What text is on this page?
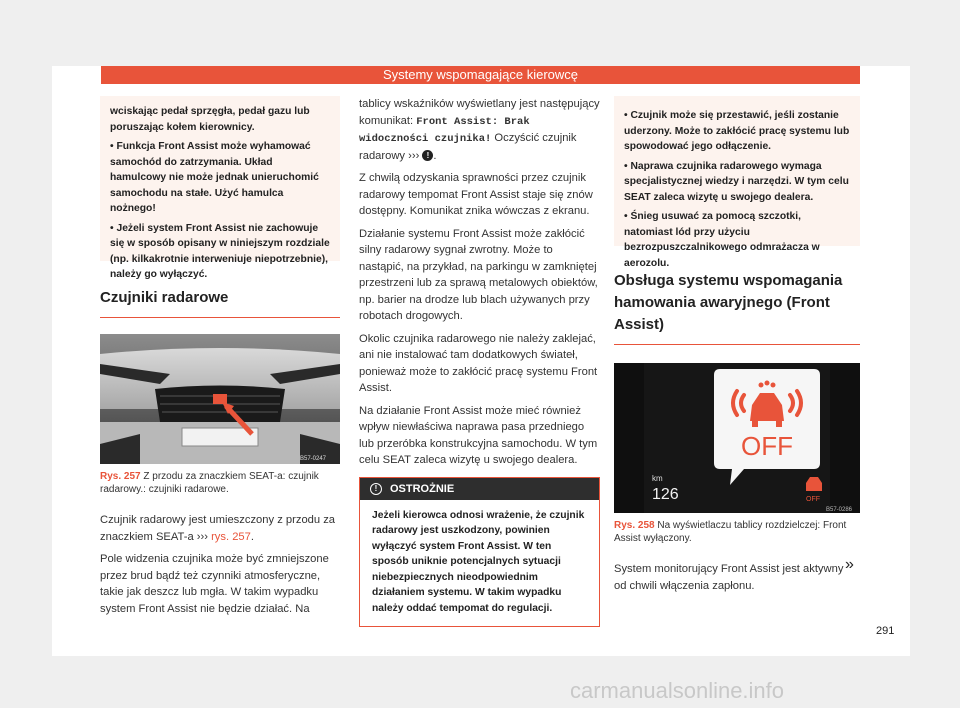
Systemy wspomagające kierowcę

wciskając pedał sprzęgła, pedał gazu lub poruszając kołem kierownicy.

• Funkcja Front Assist może wyhamować samochód do zatrzymania. Układ hamulcowy nie może jednak unieruchomić samochodu na stałe. Użyć hamulca nożnego!

• Jeżeli system Front Assist nie zachowuje się w sposób opisany w niniejszym rozdziale (np. kilkakrotnie interweniuje niepotrzebnie), należy go wyłączyć.

Czujniki radarowe
B57-0247

Rys. 257 Z przodu za znaczkiem SEAT-a: czujnik radarowy.: czujniki radarowe.

Czujnik radarowy jest umieszczony z przodu za znaczkiem SEAT-a ››› rys. 257.

Pole widzenia czujnika może być zmniejszone przez brud bądź też czynniki atmosferyczne, takie jak deszcz lub mgła. W takim wypadku system Front Assist nie będzie działać. Na

tablicy wskaźników wyświetlany jest następujący komunikat: Front Assist: Brak widoczności czujnika! Oczyścić czujnik radarowy ››› ! .

Z chwilą odzyskania sprawności przez czujnik radarowy tempomat Front Assist staje się znów dostępny. Komunikat znika wówczas z ekranu.

Działanie systemu Front Assist może zakłócić silny radarowy sygnał zwrotny. Może to nastąpić, na przykład, na parkingu w zamkniętej przestrzeni lub za sprawą metalowych obiektów, np. barier na drodze lub blach używanych przy robotach drogowych.

Okolic czujnika radarowego nie należy zaklejać, ani nie instalować tam dodatkowych świateł, ponieważ może to zakłócić pracę systemu Front Assist.

Na działanie Front Assist może mieć również wpływ niewłaściwa naprawa pasa przedniego lub przeróbka konstrukcyjna samochodu. W tym celu SEAT zaleca wizytę u swojego dealera.

!	OSTROŻNIE
Jeżeli kierowca odnosi wrażenie, że czujnik radarowy jest uszkodzony, powinien wyłączyć system Front Assist. W ten sposób uniknie potencjalnych sytuacji niebezpiecznych nieodpowiednim działaniem systemu. W takim wypadku należy oddać tempomat do regulacji.

• Czujnik może się przestawić, jeśli zostanie uderzony. Może to zakłócić pracę systemu lub spowodować jego odłączenie.

• Naprawa czujnika radarowego wymaga specjalistycznej wiedzy i narzędzi. W tym celu SEAT zaleca wizytę u swojego dealera.

• Śnieg usuwać za pomocą szczotki, natomiast lód przy użyciu bezrozpuszczalnikowego odmrażacza w aerozolu.

Obsługa systemu wspomagania hamowania awaryjnego (Front Assist)
OFF
km
126	OFF
B57-0286

Rys. 258 Na wyświetlaczu tablicy rozdzielczej: Front Assist wyłączony.

System monitorujący Front Assist jest aktywny od chwili włączenia zapłonu.

»
291
carmanualsonline.info
